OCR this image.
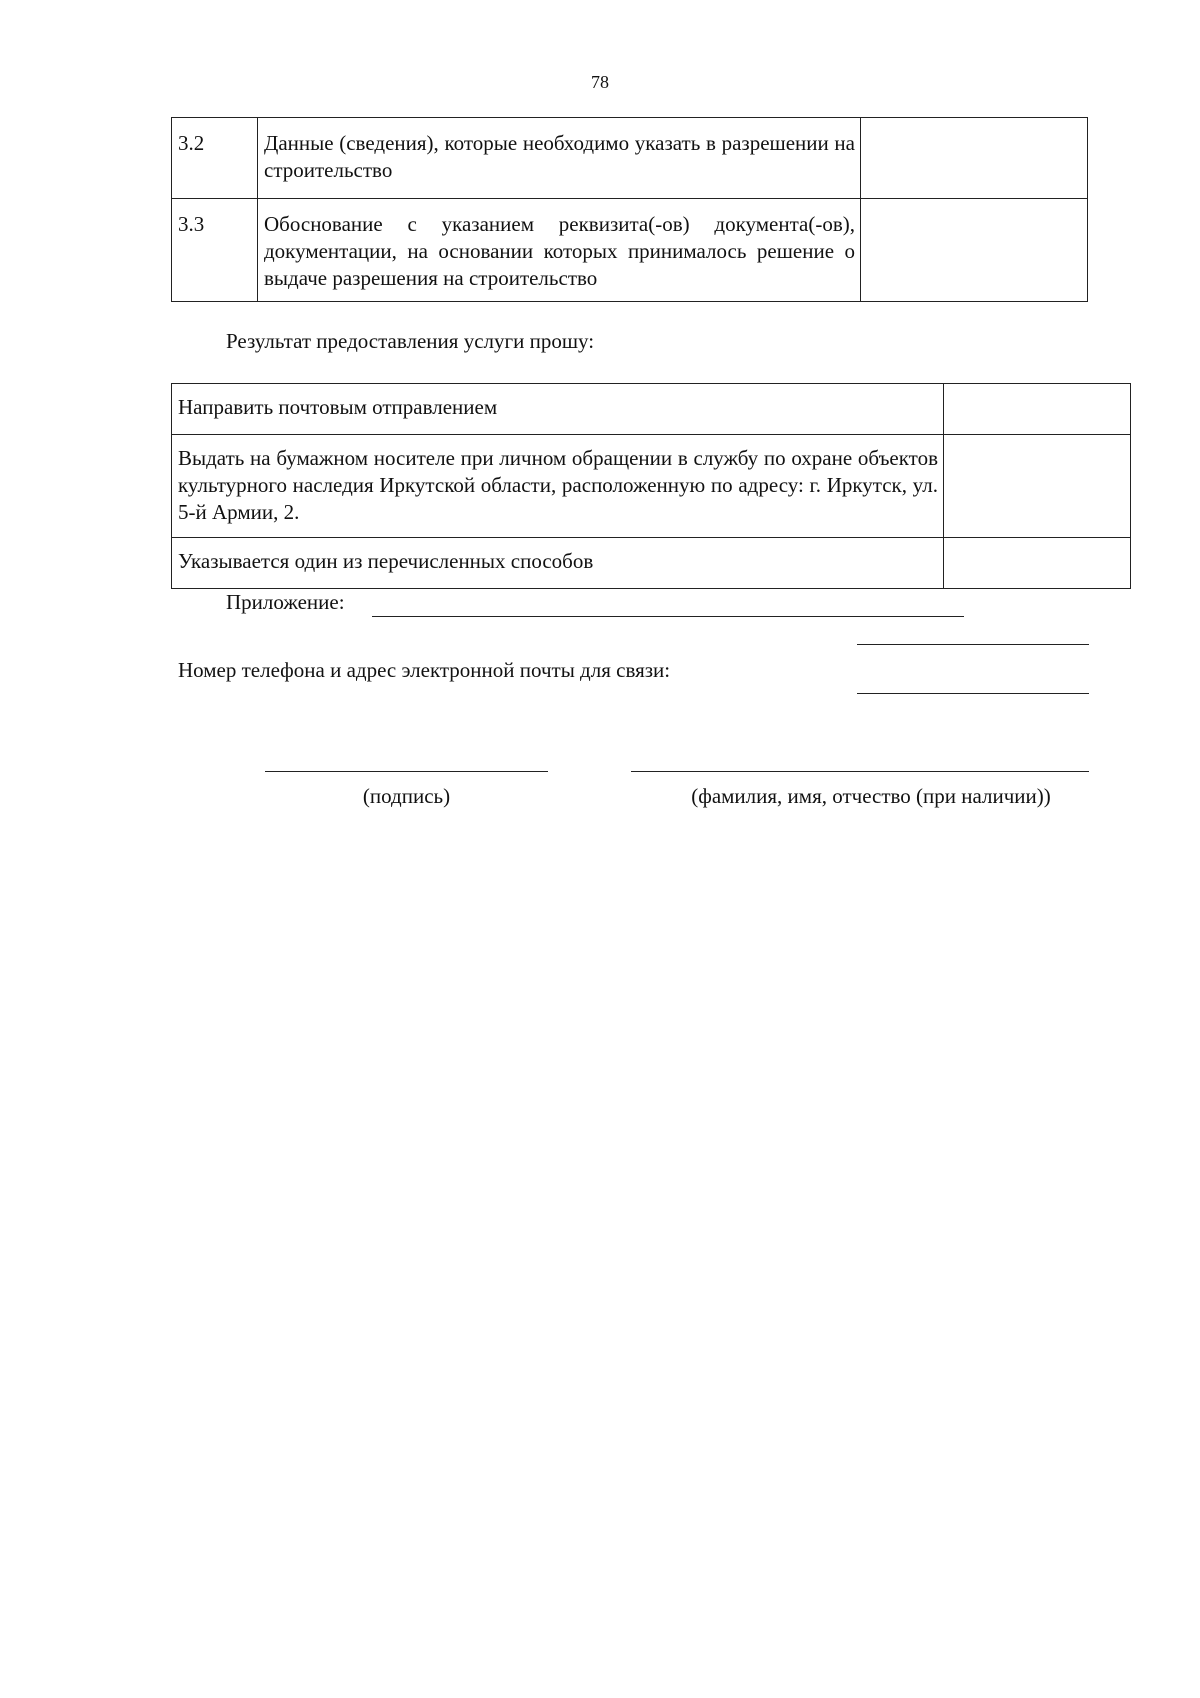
78
3.2	Данные (сведения), которые необходимо указать в разрешении на строительство	
3.3	Обоснование с указанием реквизита(-ов) документа(-ов), документации, на основании которых принималось решение о выдаче разрешения на строительство	
Результат предоставления услуги прошу:
Направить почтовым отправлением	
Выдать на бумажном носителе при личном обращении в службу по охране объектов культурного наследия Иркутской области, расположенную по адресу: г. Иркутск, ул. 5-й Армии, 2.	
Указывается один из перечисленных способов	
Приложение:
Номер телефона и адрес электронной почты для связи:
(подпись)	(фамилия, имя, отчество (при наличии))
